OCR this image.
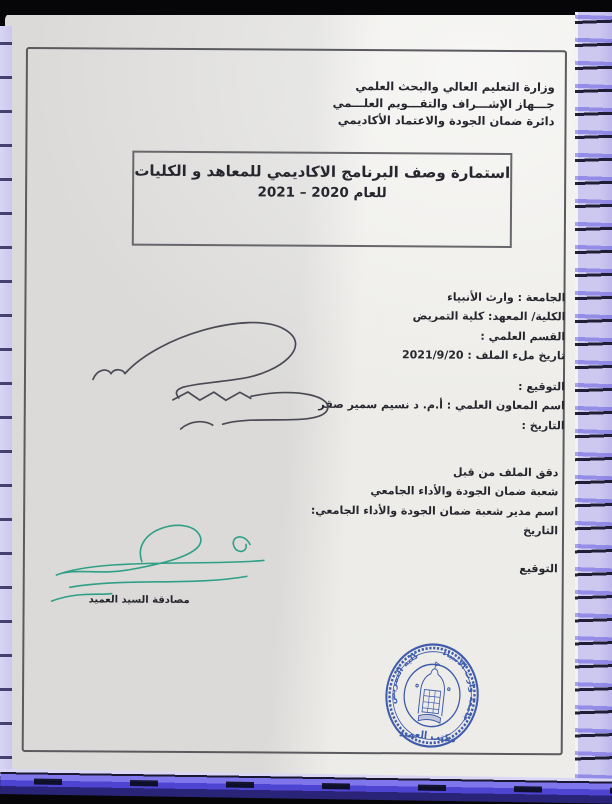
وزارة التعليم العالي والبحث العلمي
جـــهاز الإشـــراف والتقـــويم العلـــمي
دائرة ضمان الجودة والاعتماد الأكاديمي
استمارة وصف البرنامج الاكاديمي للمعاهد و الكليات
للعام 2020 – 2021
الجامعة : وارث الأنبياء
الكلية/ المعهد: كلية التمريض
القسم العلمي :
تاريخ ملء الملف : 2021/9/20
التوقيع :
اسم المعاون العلمي : أ.م. د نسيم سمير صقر
التاريخ :
دقق الملف من قبل
شعبة ضمان الجودة والأداء الجامعي
اسم مدير شعبة ضمان الجودة والأداء الجامعي:
التاريخ
التوقيع
مصادقة السيد العميد
جامعة وارث الأنبياء
كلية التمريض
مكتب العميد
